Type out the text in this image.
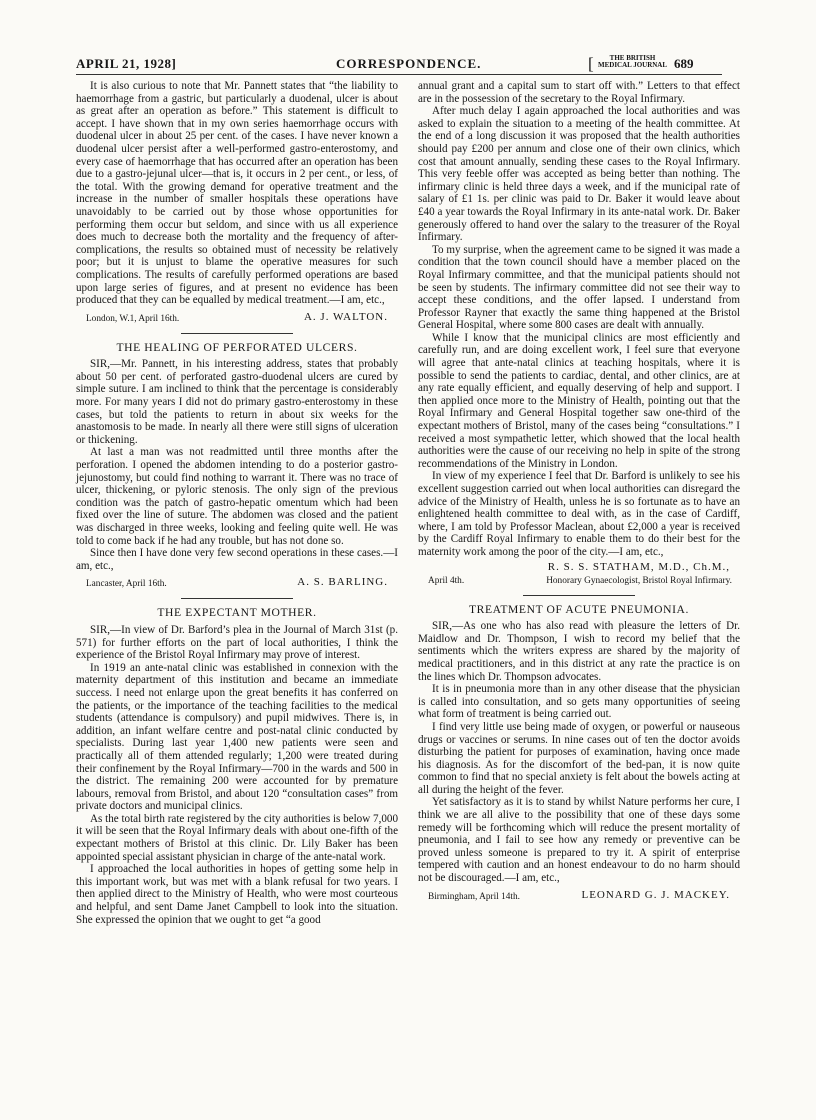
APRIL 21, 1928]	CORRESPONDENCE.	[	THE BRITISH
MEDICAL JOURNAL 689

It is also curious to note that Mr. Pannett states that “the liability to haemorrhage from a gastric, but particularly a duodenal, ulcer is about as great after an operation as before.” This statement is difficult to accept. I have shown that in my own series haemorrhage occurs with duodenal ulcer in about 25 per cent. of the cases. I have never known a duodenal ulcer persist after a well-performed gastro-enterostomy, and every case of haemorrhage that has occurred after an operation has been due to a gastro-jejunal ulcer—that is, it occurs in 2 per cent., or less, of the total. With the growing demand for operative treatment and the increase in the number of smaller hospitals these operations have unavoidably to be carried out by those whose opportunities for performing them occur but seldom, and since with us all experience does much to decrease both the mortality and the frequency of after-complications, the results so obtained must of necessity be relatively poor; but it is unjust to blame the operative measures for such complications. The results of carefully performed operations are based upon large series of figures, and at present no evidence has been produced that they can be equalled by medical treatment.—I am, etc.,

London, W.1, April 16th.	A. J. WALTON.
THE HEALING OF PERFORATED ULCERS.

SIR,—Mr. Pannett, in his interesting address, states that probably about 50 per cent. of perforated gastro-duodenal ulcers are cured by simple suture. I am inclined to think that the percentage is considerably more. For many years I did not do primary gastro-enterostomy in these cases, but told the patients to return in about six weeks for the anastomosis to be made. In nearly all there were still signs of ulceration or thickening.

At last a man was not readmitted until three months after the perforation. I opened the abdomen intending to do a posterior gastro-jejunostomy, but could find nothing to warrant it. There was no trace of ulcer, thickening, or pyloric stenosis. The only sign of the previous condition was the patch of gastro-hepatic omentum which had been fixed over the line of suture. The abdomen was closed and the patient was discharged in three weeks, looking and feeling quite well. He was told to come back if he had any trouble, but has not done so.

Since then I have done very few second operations in these cases.—I am, etc.,

Lancaster, April 16th.	A. S. BARLING.
THE EXPECTANT MOTHER.

SIR,—In view of Dr. Barford’s plea in the Journal of March 31st (p. 571) for further efforts on the part of local authorities, I think the experience of the Bristol Royal Infirmary may prove of interest.

In 1919 an ante-natal clinic was established in connexion with the maternity department of this institution and became an immediate success. I need not enlarge upon the great benefits it has conferred on the patients, or the importance of the teaching facilities to the medical students (attendance is compulsory) and pupil midwives. There is, in addition, an infant welfare centre and post-natal clinic conducted by specialists. During last year 1,400 new patients were seen and practically all of them attended regularly; 1,200 were treated during their confinement by the Royal Infirmary—700 in the wards and 500 in the district. The remaining 200 were accounted for by premature labours, removal from Bristol, and about 120 “consultation cases” from private doctors and municipal clinics.

As the total birth rate registered by the city authorities is below 7,000 it will be seen that the Royal Infirmary deals with about one-fifth of the expectant mothers of Bristol at this clinic. Dr. Lily Baker has been appointed special assistant physician in charge of the ante-natal work.

I approached the local authorities in hopes of getting some help in this important work, but was met with a blank refusal for two years. I then applied direct to the Ministry of Health, who were most courteous and helpful, and sent Dame Janet Campbell to look into the situation. She expressed the opinion that we ought to get “a good

annual grant and a capital sum to start off with.” Letters to that effect are in the possession of the secretary to the Royal Infirmary.

After much delay I again approached the local authorities and was asked to explain the situation to a meeting of the health committee. At the end of a long discussion it was proposed that the health authorities should pay £200 per annum and close one of their own clinics, which cost that amount annually, sending these cases to the Royal Infirmary. This very feeble offer was accepted as being better than nothing. The infirmary clinic is held three days a week, and if the municipal rate of salary of £1 1s. per clinic was paid to Dr. Baker it would leave about £40 a year towards the Royal Infirmary in its ante-natal work. Dr. Baker generously offered to hand over the salary to the treasurer of the Royal Infirmary.

To my surprise, when the agreement came to be signed it was made a condition that the town council should have a member placed on the Royal Infirmary committee, and that the municipal patients should not be seen by students. The infirmary committee did not see their way to accept these conditions, and the offer lapsed. I understand from Professor Rayner that exactly the same thing happened at the Bristol General Hospital, where some 800 cases are dealt with annually.

While I know that the municipal clinics are most efficiently and carefully run, and are doing excellent work, I feel sure that everyone will agree that ante-natal clinics at teaching hospitals, where it is possible to send the patients to cardiac, dental, and other clinics, are at any rate equally efficient, and equally deserving of help and support. I then applied once more to the Ministry of Health, pointing out that the Royal Infirmary and General Hospital together saw one-third of the expectant mothers of Bristol, many of the cases being “consultations.” I received a most sympathetic letter, which showed that the local health authorities were the cause of our receiving no help in spite of the strong recommendations of the Ministry in London.

In view of my experience I feel that Dr. Barford is unlikely to see his excellent suggestion carried out when local authorities can disregard the advice of the Ministry of Health, unless he is so fortunate as to have an enlightened health committee to deal with, as in the case of Cardiff, where, I am told by Professor Maclean, about £2,000 a year is received by the Cardiff Royal Infirmary to enable them to do their best for the maternity work among the poor of the city.—I am, etc.,

R. S. S. STATHAM, M.D., Ch.M.,
April 4th.	Honorary Gynaecologist, Bristol Royal Infirmary.
TREATMENT OF ACUTE PNEUMONIA.

SIR,—As one who has also read with pleasure the letters of Dr. Maidlow and Dr. Thompson, I wish to record my belief that the sentiments which the writers express are shared by the majority of medical practitioners, and in this district at any rate the practice is on the lines which Dr. Thompson advocates.

It is in pneumonia more than in any other disease that the physician is called into consultation, and so gets many opportunities of seeing what form of treatment is being carried out.

I find very little use being made of oxygen, or powerful or nauseous drugs or vaccines or serums. In nine cases out of ten the doctor avoids disturbing the patient for purposes of examination, having once made his diagnosis. As for the discomfort of the bed-pan, it is now quite common to find that no special anxiety is felt about the bowels acting at all during the height of the fever.

Yet satisfactory as it is to stand by whilst Nature performs her cure, I think we are all alive to the possibility that one of these days some remedy will be forthcoming which will reduce the present mortality of pneumonia, and I fail to see how any remedy or preventive can be proved unless someone is prepared to try it. A spirit of enterprise tempered with caution and an honest endeavour to do no harm should not be discouraged.—I am, etc.,

Birmingham, April 14th.	LEONARD G. J. MACKEY.
